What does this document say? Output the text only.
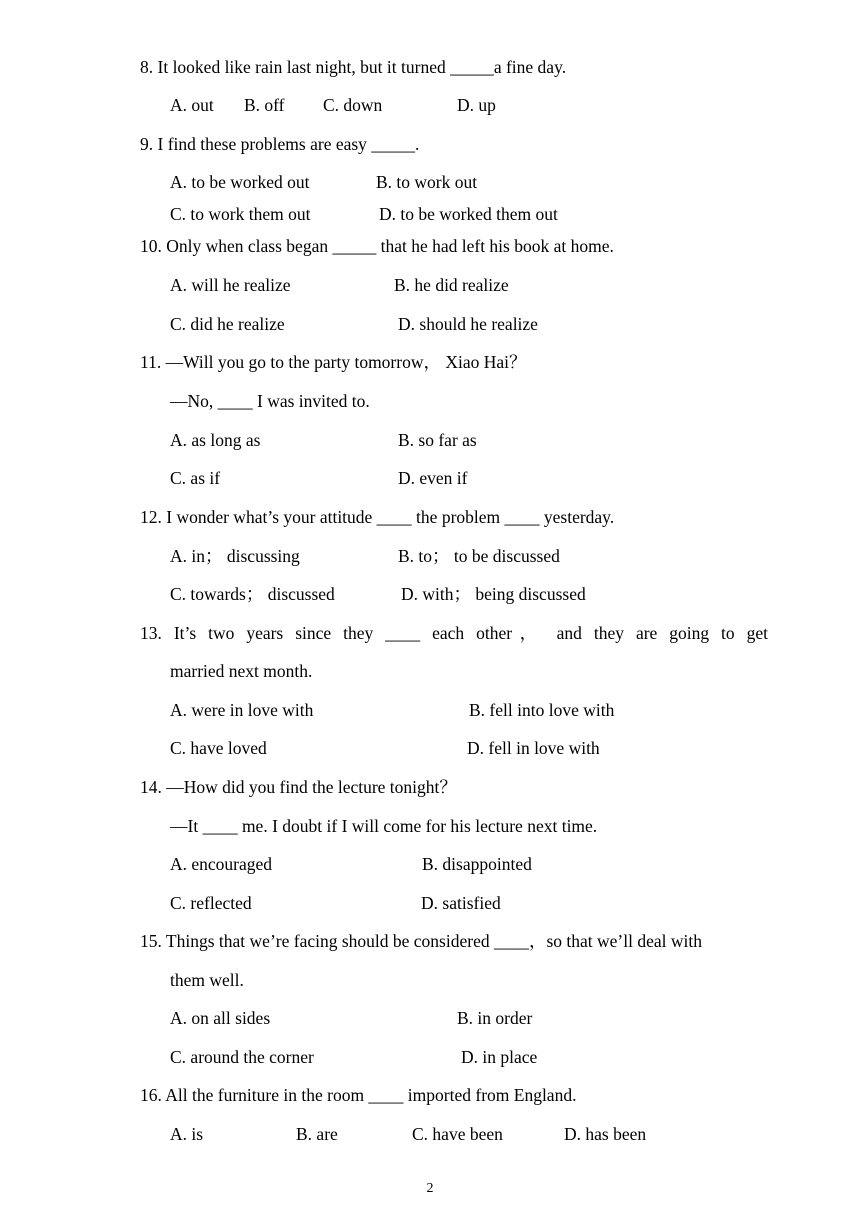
8. It looked like rain last night, but it turned _____a fine day.
A. out B. off C. down	D. up
9. I find these problems are easy _____.
A. to be worked out	B. to work out
C. to work them out	D. to be worked them out
10. Only when class began _____ that he had left his book at home.
A. will he realize	B. he did realize
C. did he realize	D. should he realize
11. —Will you go to the party tomorrow， Xiao Hai？
—No, ____ I was invited to.
A. as long as	B. so far as
C. as if	D. even if
12. I wonder what’s your attitude ____ the problem ____ yesterday.
A. in； discussing	B. to； to be discussed
C. towards； discussed	D. with； being discussed
13. It’s two years since they ____ each other， and they are going to get
married next month.
A. were in love with	B. fell into love with
C. have loved	D. fell in love with
14. —How did you find the lecture tonight？
—It ____ me. I doubt if I will come for his lecture next time.
A. encouraged	B. disappointed
C. reflected	D. satisfied
15. Things that we’re facing should be considered ____，so that we’ll deal with
them well.
A. on all sides	B. in order
C. around the corner	D. in place
16. All the furniture in the room ____ imported from England.
A. is	B. are	C. have been	D. has been
2
